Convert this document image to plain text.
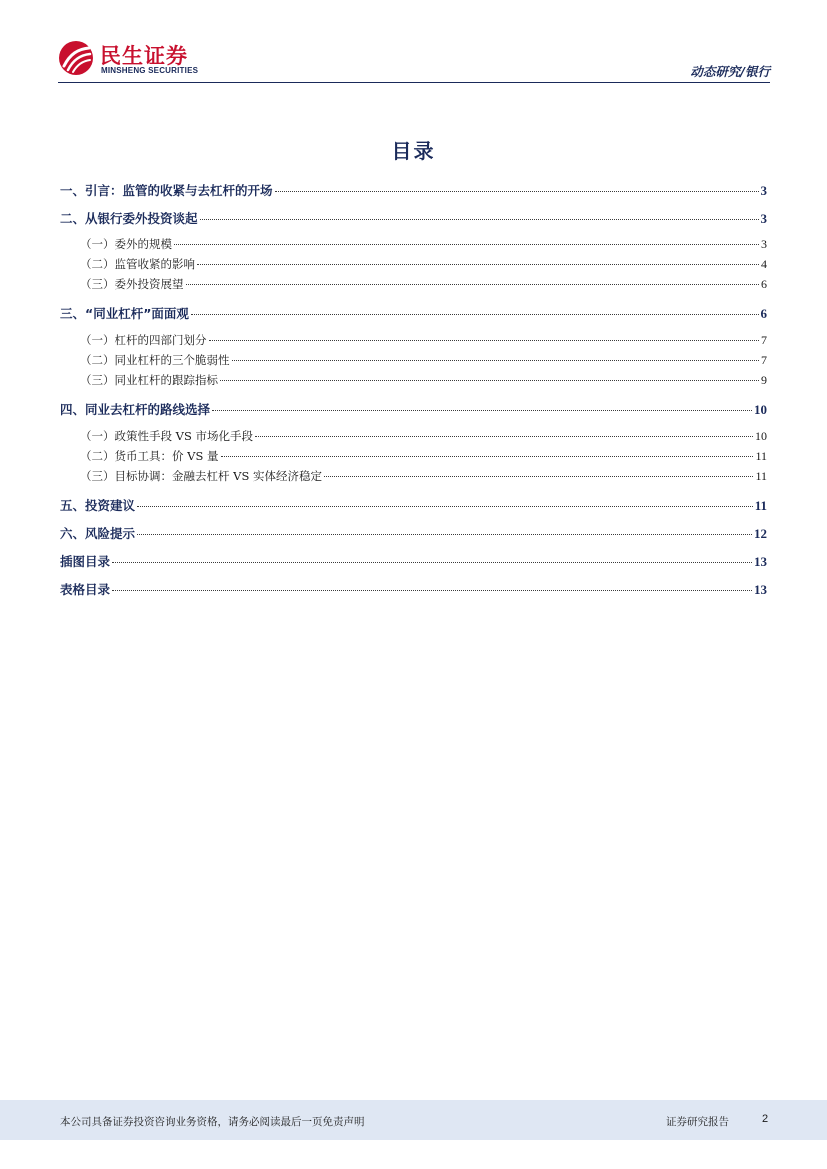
民生证券
MINSHENG SECURITIES	动态研究/银行
目录
一、引言：监管的收紧与去杠杆的开场	3
二、从银行委外投资谈起	3
（一）委外的规模	3
（二）监管收紧的影响	4
（三）委外投资展望	6
三、“同业杠杆”面面观	6
（一）杠杆的四部门划分	7
（二）同业杠杆的三个脆弱性	7
（三）同业杠杆的跟踪指标	9
四、同业去杠杆的路线选择	10
（一）政策性手段 VS 市场化手段	10
（二）货币工具：价 VS 量	11
（三）目标协调：金融去杠杆 VS 实体经济稳定	11
五、投资建议	11
六、风险提示	12
插图目录	13
表格目录	13
本公司具备证券投资咨询业务资格，请务必阅读最后一页免责声明	证券研究报告	2
